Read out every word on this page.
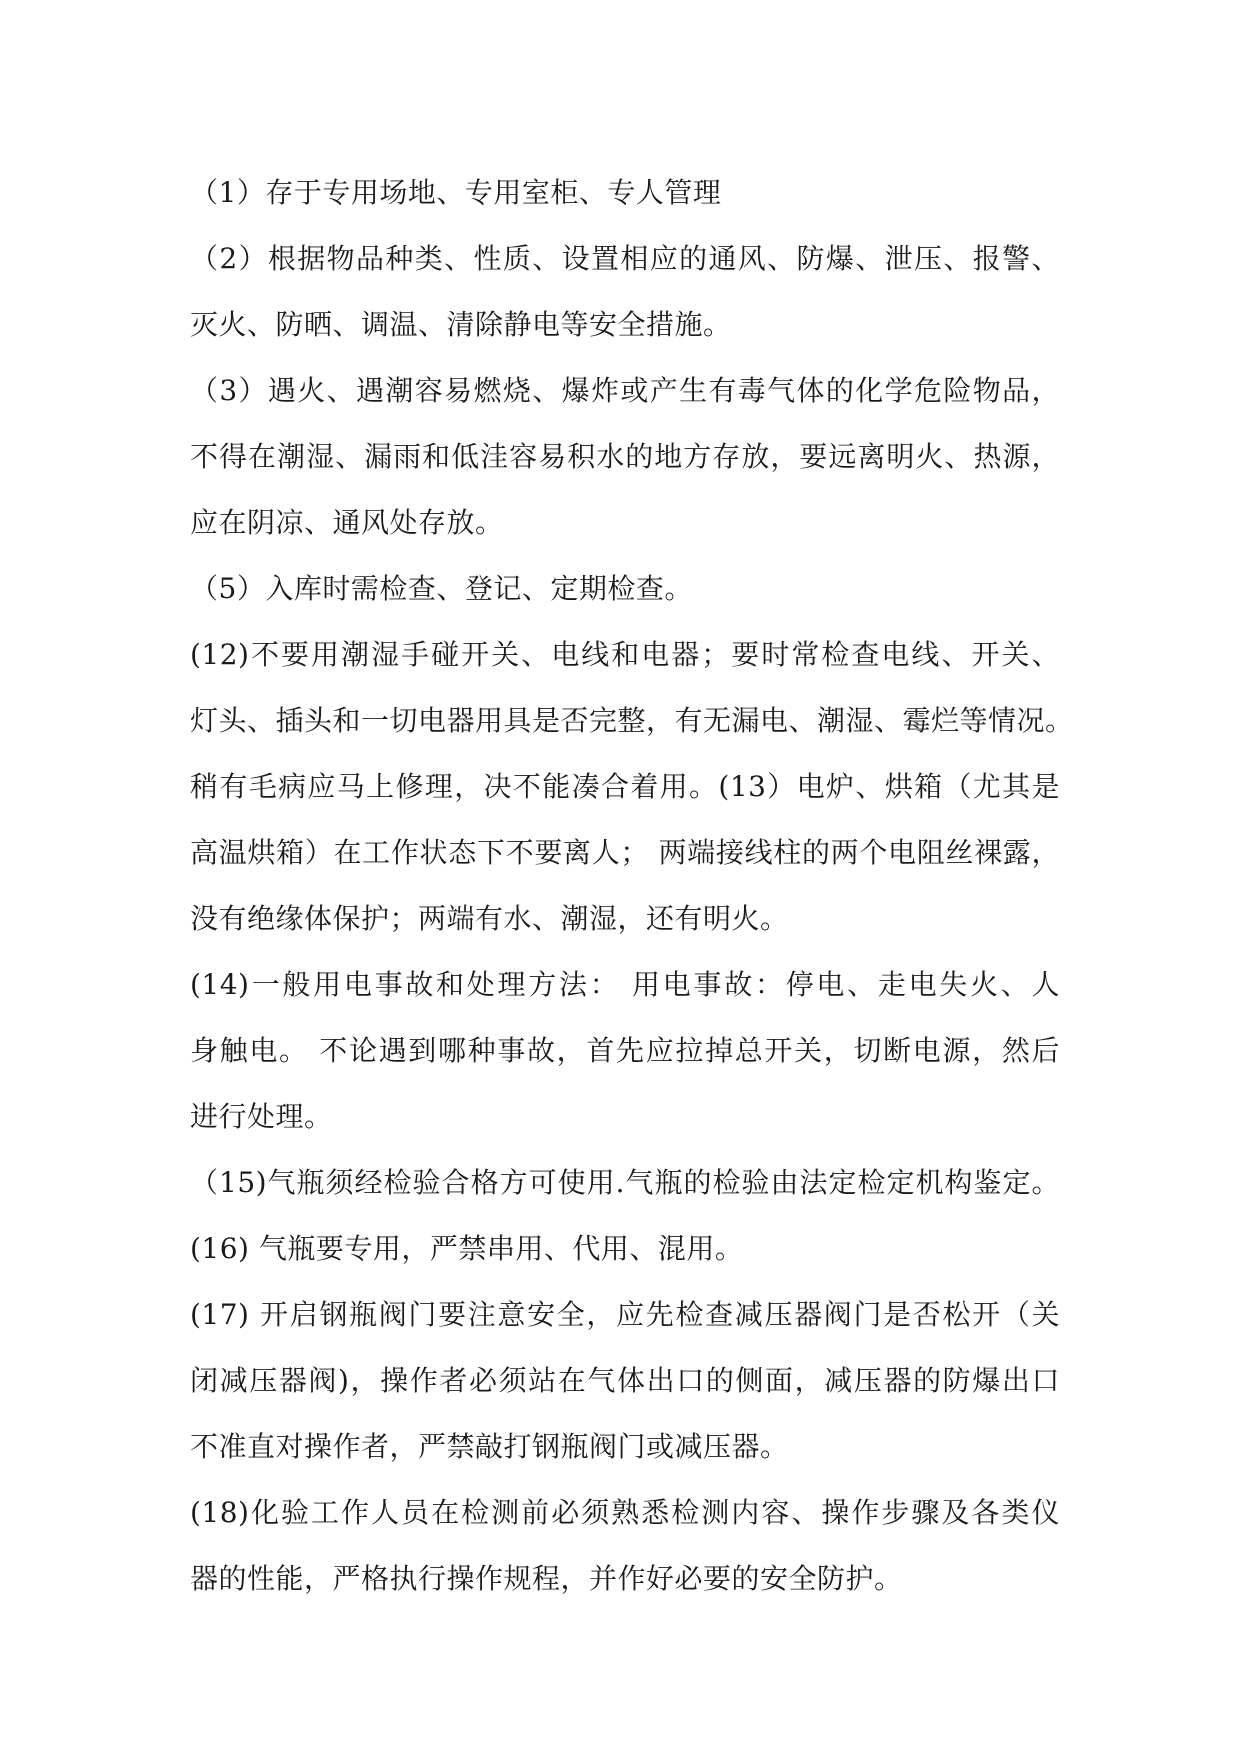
（1）存于专用场地、专用室柜、专人管理
（2）根据物品种类、性质、设置相应的通风、防爆、泄压、报警、
灭火、防晒、调温、清除静电等安全措施。
（3）遇火、遇潮容易燃烧、爆炸或产生有毒气体的化学危险物品，
不得在潮湿、漏雨和低洼容易积水的地方存放，要远离明火、热源，
应在阴凉、通风处存放。
（5）入库时需检查、登记、定期检查。
(12)不要用潮湿手碰开关、电线和电器；要时常检查电线、开关、
灯头、插头和一切电器用具是否完整，有无漏电、潮湿、霉烂等情况。
稍有毛病应马上修理，决不能凑合着用。(13）电炉、烘箱（尤其是
高温烘箱）在工作状态下不要离人； 两端接线柱的两个电阻丝裸露，
没有绝缘体保护；两端有水、潮湿，还有明火。
(14)一般用电事故和处理方法： 用电事故：停电、走电失火、人
身触电。 不论遇到哪种事故，首先应拉掉总开关，切断电源，然后
进行处理。
（15)气瓶须经检验合格方可使用.气瓶的检验由法定检定机构鉴定。
(16) 气瓶要专用，严禁串用、代用、混用。
(17) 开启钢瓶阀门要注意安全，应先检查减压器阀门是否松开（关
闭减压器阀)，操作者必须站在气体出口的侧面，减压器的防爆出口
不准直对操作者，严禁敲打钢瓶阀门或减压器。
(18)化验工作人员在检测前必须熟悉检测内容、操作步骤及各类仪
器的性能，严格执行操作规程，并作好必要的安全防护。
